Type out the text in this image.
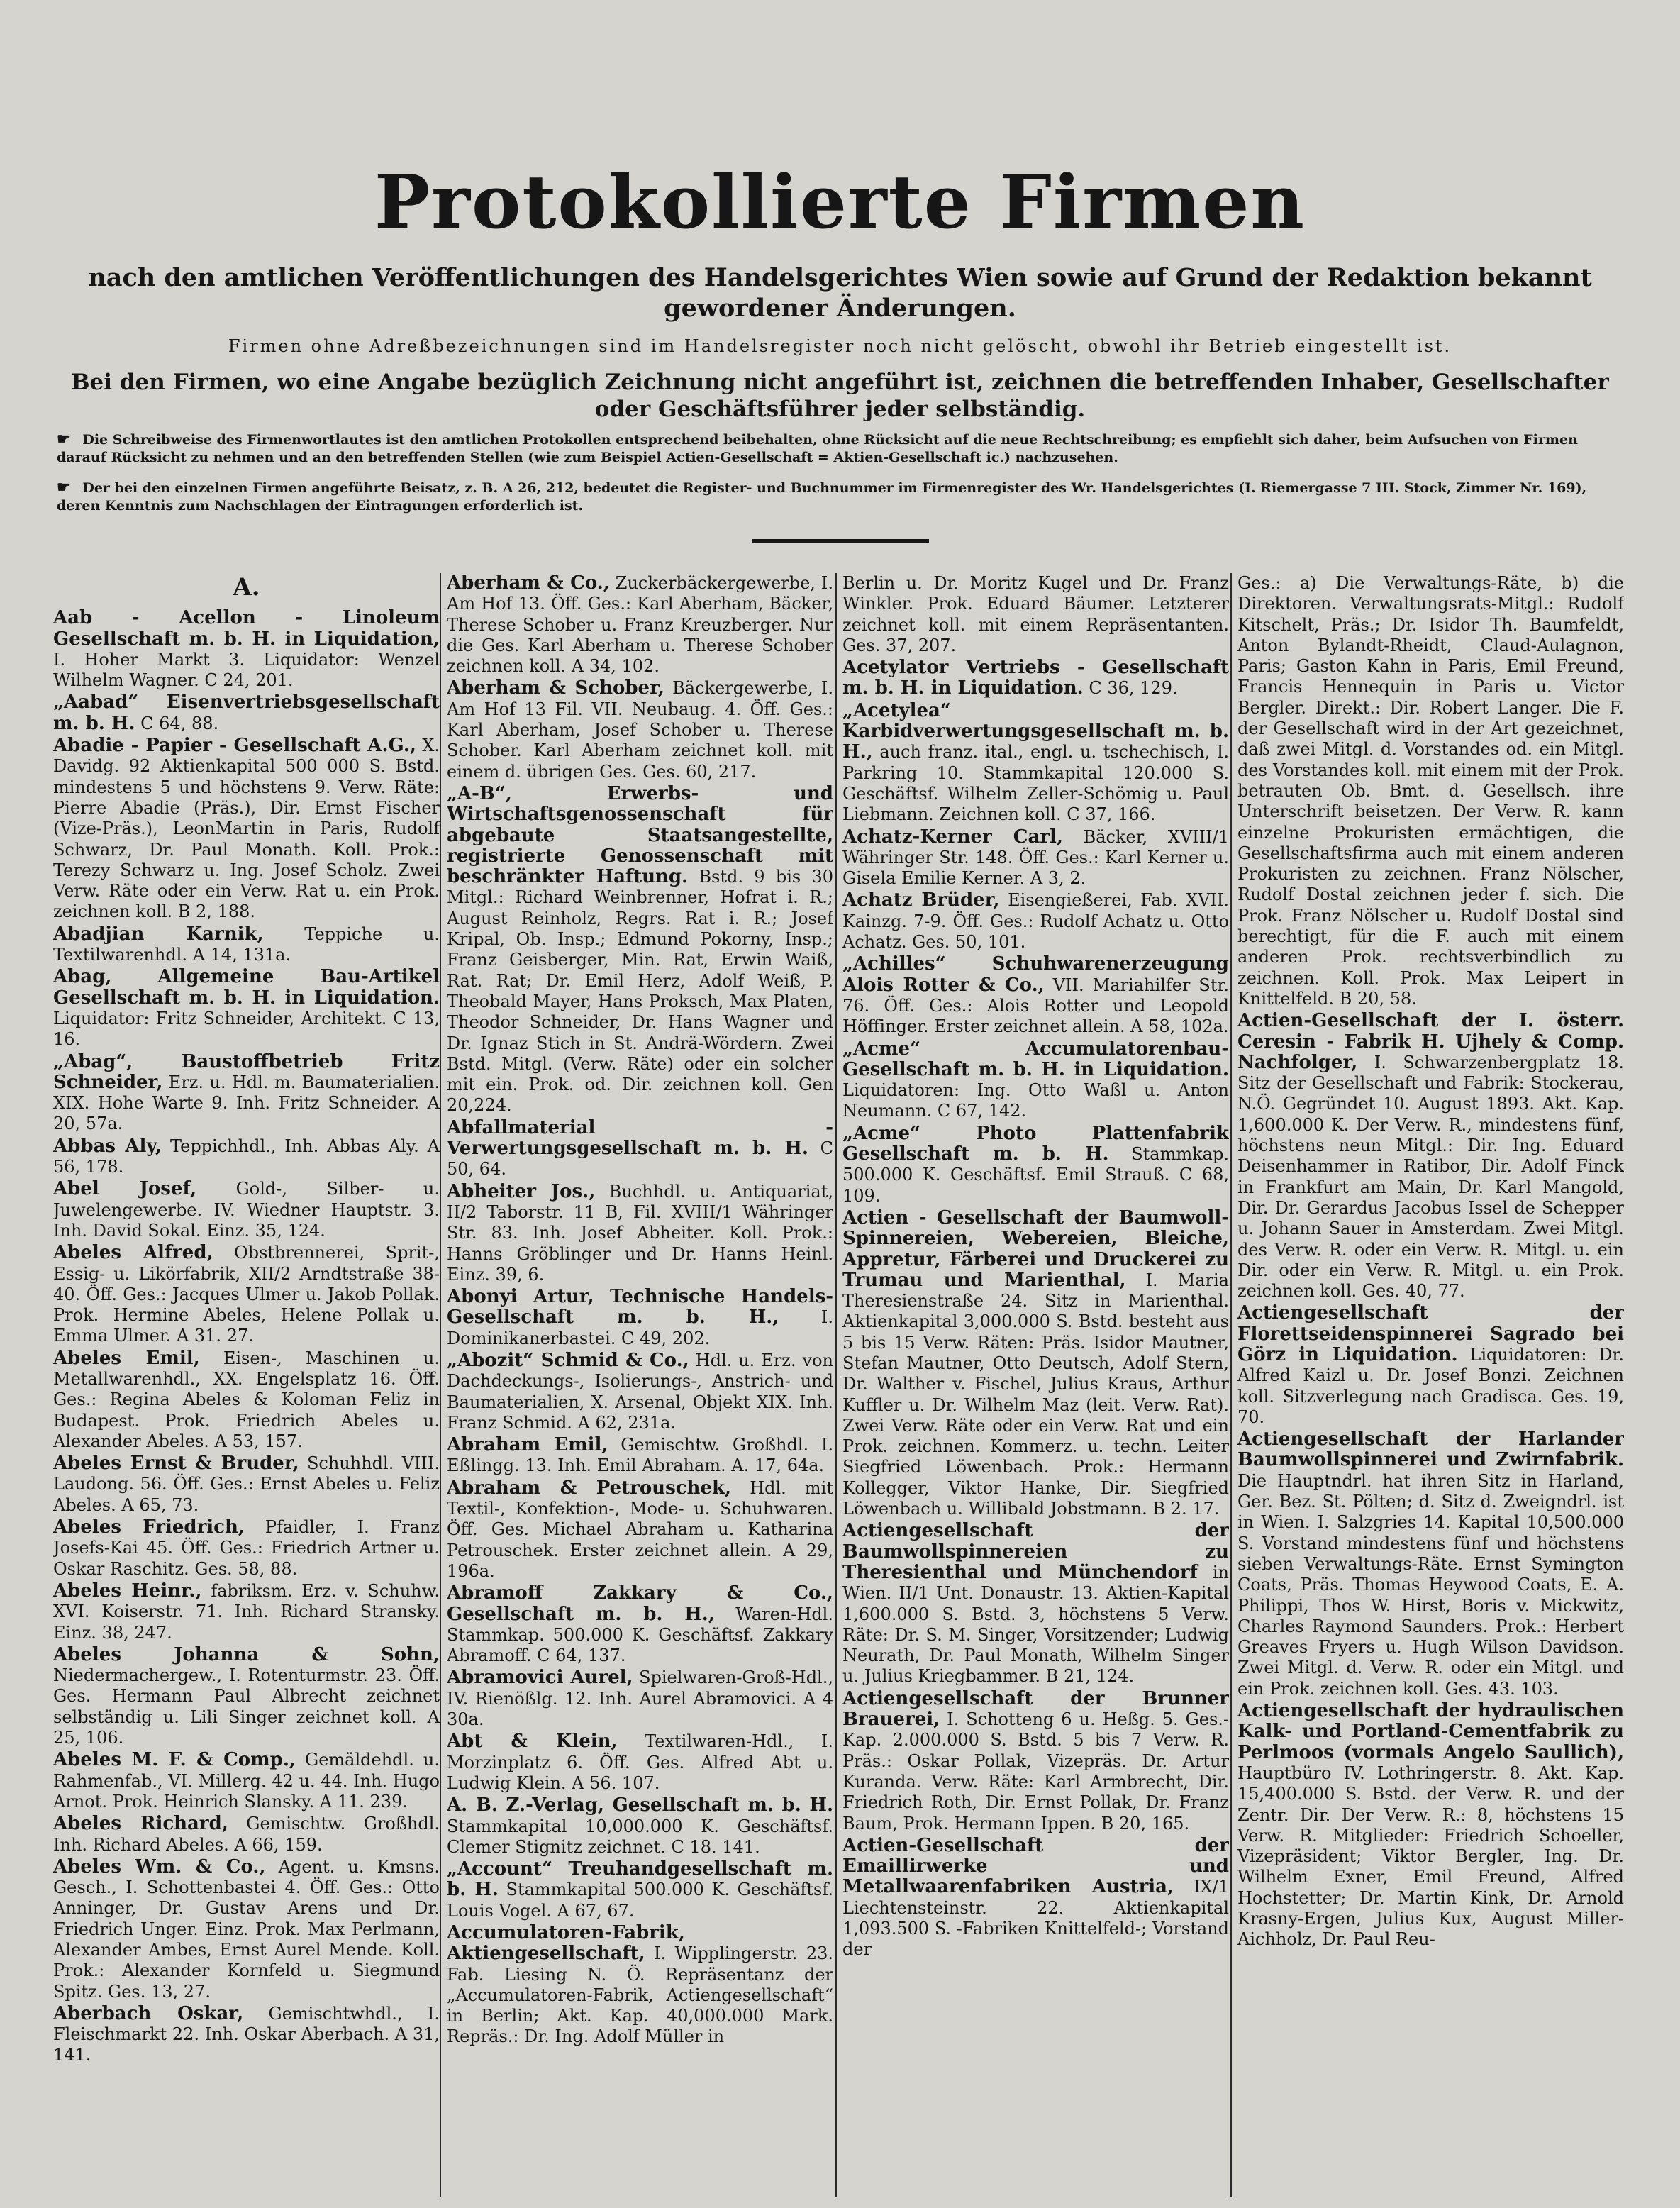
Protokollierte Firmen
nach den amtlichen Veröffentlichungen des Handelsgerichtes Wien sowie auf Grund der Redaktion bekannt gewordener Änderungen.
Firmen ohne Adreßbezeichnungen sind im Handelsregister noch nicht gelöscht, obwohl ihr Betrieb eingestellt ist.
Bei den Firmen, wo eine Angabe bezüglich Zeichnung nicht angeführt ist, zeichnen die betreffenden Inhaber, Gesellschafter oder Geschäftsführer jeder selbständig.
☛ Die Schreibweise des Firmenwortlautes ist den amtlichen Protokollen entsprechend beibehalten, ohne Rücksicht auf die neue Rechtschreibung; es empfiehlt sich daher, beim Aufsuchen von Firmen darauf Rücksicht zu nehmen und an den betreffenden Stellen (wie zum Beispiel Actien-Gesellschaft = Aktien-Gesellschaft ic.) nachzusehen.
☛ Der bei den einzelnen Firmen angeführte Beisatz, z. B. A 26, 212, bedeutet die Register- und Buchnummer im Firmenregister des Wr. Handelsgerichtes (I. Riemergasse 7 III. Stock, Zimmer Nr. 169), deren Kenntnis zum Nachschlagen der Eintragungen erforderlich ist.
A.

Aab - Acellon - Linoleum Gesellschaft m. b. H. in Liquidation, I. Hoher Markt 3. Liquidator: Wenzel Wilhelm Wagner. C 24, 201.

„Aabad“ Eisenvertriebsgesellschaft m. b. H. C 64, 88.

Abadie - Papier - Gesellschaft A.G., X. Davidg. 92 Aktienkapital 500 000 S. Bstd. mindestens 5 und höchstens 9. Verw. Räte: Pierre Abadie (Präs.), Dir. Ernst Fischer (Vize-Präs.), LeonMartin in Paris, Rudolf Schwarz, Dr. Paul Monath. Koll. Prok.: Terezy Schwarz u. Ing. Josef Scholz. Zwei Verw. Räte oder ein Verw. Rat u. ein Prok. zeichnen koll. B 2, 188.

Abadjian Karnik, Teppiche u. Textilwarenhdl. A 14, 131a.

Abag, Allgemeine Bau-Artikel Gesellschaft m. b. H. in Liquidation. Liquidator: Fritz Schneider, Architekt. C 13, 16.

„Abag“, Baustoffbetrieb Fritz Schneider, Erz. u. Hdl. m. Baumaterialien. XIX. Hohe Warte 9. Inh. Fritz Schneider. A 20, 57a.

Abbas Aly, Teppichhdl., Inh. Abbas Aly. A 56, 178.

Abel Josef, Gold-, Silber- u. Juwelengewerbe. IV. Wiedner Hauptstr. 3. Inh. David Sokal. Einz. 35, 124.

Abeles Alfred, Obstbrennerei, Sprit-, Essig- u. Likörfabrik, XII/2 Arndtstraße 38-40. Öff. Ges.: Jacques Ulmer u. Jakob Pollak. Prok. Hermine Abeles, Helene Pollak u. Emma Ulmer. A 31. 27.

Abeles Emil, Eisen-, Maschinen u. Metallwarenhdl., XX. Engelsplatz 16. Öff. Ges.: Regina Abeles & Koloman Feliz in Budapest. Prok. Friedrich Abeles u. Alexander Abeles. A 53, 157.

Abeles Ernst & Bruder, Schuhhdl. VIII. Laudong. 56. Öff. Ges.: Ernst Abeles u. Feliz Abeles. A 65, 73.

Abeles Friedrich, Pfaidler, I. Franz Josefs-Kai 45. Öff. Ges.: Friedrich Artner u. Oskar Raschitz. Ges. 58, 88.

Abeles Heinr., fabriksm. Erz. v. Schuhw. XVI. Koiserstr. 71. Inh. Richard Stransky. Einz. 38, 247.

Abeles Johanna & Sohn, Niedermachergew., I. Rotenturmstr. 23. Öff. Ges. Hermann Paul Albrecht zeichnet selbständig u. Lili Singer zeichnet koll. A 25, 106.

Abeles M. F. & Comp., Gemäldehdl. u. Rahmenfab., VI. Millerg. 42 u. 44. Inh. Hugo Arnot. Prok. Heinrich Slansky. A 11. 239.

Abeles Richard, Gemischtw. Großhdl. Inh. Richard Abeles. A 66, 159.

Abeles Wm. & Co., Agent. u. Kmsns. Gesch., I. Schottenbastei 4. Öff. Ges.: Otto Anninger, Dr. Gustav Arens und Dr. Friedrich Unger. Einz. Prok. Max Perlmann, Alexander Ambes, Ernst Aurel Mende. Koll. Prok.: Alexander Kornfeld u. Siegmund Spitz. Ges. 13, 27.

Aberbach Oskar, Gemischtwhdl., I. Fleischmarkt 22. Inh. Oskar Aberbach. A 31, 141.

Aberham & Co., Zuckerbäckergewerbe, I. Am Hof 13. Öff. Ges.: Karl Aberham, Bäcker, Therese Schober u. Franz Kreuzberger. Nur die Ges. Karl Aberham u. Therese Schober zeichnen koll. A 34, 102.

Aberham & Schober, Bäckergewerbe, I. Am Hof 13 Fil. VII. Neubaug. 4. Öff. Ges.: Karl Aberham, Josef Schober u. Therese Schober. Karl Aberham zeichnet koll. mit einem d. übrigen Ges. Ges. 60, 217.

„A-B“, Erwerbs- und Wirtschaftsgenossenschaft für abgebaute Staatsangestellte, registrierte Genossenschaft mit beschränkter Haftung. Bstd. 9 bis 30 Mitgl.: Richard Weinbrenner, Hofrat i. R.; August Reinholz, Regrs. Rat i. R.; Josef Kripal, Ob. Insp.; Edmund Pokorny, Insp.; Franz Geisberger, Min. Rat, Erwin Waiß, Rat. Rat; Dr. Emil Herz, Adolf Weiß, P. Theobald Mayer, Hans Proksch, Max Platen, Theodor Schneider, Dr. Hans Wagner und Dr. Ignaz Stich in St. Andrä-Wördern. Zwei Bstd. Mitgl. (Verw. Räte) oder ein solcher mit ein. Prok. od. Dir. zeichnen koll. Gen 20,224.

Abfallmaterial - Verwertungsgesellschaft m. b. H. C 50, 64.

Abheiter Jos., Buchhdl. u. Antiquariat, II/2 Taborstr. 11 B, Fil. XVIII/1 Währinger Str. 83. Inh. Josef Abheiter. Koll. Prok.: Hanns Gröblinger und Dr. Hanns Heinl. Einz. 39, 6.

Abonyi Artur, Technische Handels-Gesellschaft m. b. H., I. Dominikanerbastei. C 49, 202.

„Abozit“ Schmid & Co., Hdl. u. Erz. von Dachdeckungs-, Isolierungs-, Anstrich- und Baumaterialien, X. Arsenal, Objekt XIX. Inh. Franz Schmid. A 62, 231a.

Abraham Emil, Gemischtw. Großhdl. I. Eßlingg. 13. Inh. Emil Abraham. A. 17, 64a.

Abraham & Petrouschek, Hdl. mit Textil-, Konfektion-, Mode- u. Schuhwaren. Öff. Ges. Michael Abraham u. Katharina Petrouschek. Erster zeichnet allein. A 29, 196a.

Abramoff Zakkary & Co., Gesellschaft m. b. H., Waren-Hdl. Stammkap. 500.000 K. Geschäftsf. Zakkary Abramoff. C 64, 137.

Abramovici Aurel, Spielwaren-Groß-Hdl., IV. Rienößlg. 12. Inh. Aurel Abramovici. A 4 30a.

Abt & Klein, Textilwaren-Hdl., I. Morzinplatz 6. Öff. Ges. Alfred Abt u. Ludwig Klein. A 56. 107.

A. B. Z.-Verlag, Gesellschaft m. b. H. Stammkapital 10,000.000 K. Geschäftsf. Clemer Stignitz zeichnet. C 18. 141.

„Account“ Treuhandgesellschaft m. b. H. Stammkapital 500.000 K. Geschäftsf. Louis Vogel. A 67, 67.

Accumulatoren-Fabrik, Aktiengesellschaft, I. Wipplingerstr. 23. Fab. Liesing N. Ö. Repräsentanz der „Accumulatoren-Fabrik, Actiengesellschaft“ in Berlin; Akt. Kap. 40,000.000 Mark. Repräs.: Dr. Ing. Adolf Müller in

Berlin u. Dr. Moritz Kugel und Dr. Franz Winkler. Prok. Eduard Bäumer. Letzterer zeichnet koll. mit einem Repräsentanten. Ges. 37, 207.

Acetylator Vertriebs - Gesellschaft m. b. H. in Liquidation. C 36, 129.

„Acetylea“ Karbidverwertungsgesellschaft m. b. H., auch franz. ital., engl. u. tschechisch, I. Parkring 10. Stammkapital 120.000 S. Geschäftsf. Wilhelm Zeller-Schömig u. Paul Liebmann. Zeichnen koll. C 37, 166.

Achatz-Kerner Carl, Bäcker, XVIII/1 Währinger Str. 148. Öff. Ges.: Karl Kerner u. Gisela Emilie Kerner. A 3, 2.

Achatz Brüder, Eisengießerei, Fab. XVII. Kainzg. 7-9. Öff. Ges.: Rudolf Achatz u. Otto Achatz. Ges. 50, 101.

„Achilles“ Schuhwarenerzeugung Alois Rotter & Co., VII. Mariahilfer Str. 76. Öff. Ges.: Alois Rotter und Leopold Höffinger. Erster zeichnet allein. A 58, 102a.

„Acme“ Accumulatorenbau-Gesellschaft m. b. H. in Liquidation. Liquidatoren: Ing. Otto Waßl u. Anton Neumann. C 67, 142.

„Acme“ Photo Plattenfabrik Gesellschaft m. b. H. Stammkap. 500.000 K. Geschäftsf. Emil Strauß. C 68, 109.

Actien - Gesellschaft der Baumwoll-Spinnereien, Webereien, Bleiche, Appretur, Färberei und Druckerei zu Trumau und Marienthal, I. Maria Theresienstraße 24. Sitz in Marienthal. Aktienkapital 3,000.000 S. Bstd. besteht aus 5 bis 15 Verw. Räten: Präs. Isidor Mautner, Stefan Mautner, Otto Deutsch, Adolf Stern, Dr. Walther v. Fischel, Julius Kraus, Arthur Kuffler u. Dr. Wilhelm Maz (leit. Verw. Rat). Zwei Verw. Räte oder ein Verw. Rat und ein Prok. zeichnen. Kommerz. u. techn. Leiter Siegfried Löwenbach. Prok.: Hermann Kollegger, Viktor Hanke, Dir. Siegfried Löwenbach u. Willibald Jobstmann. B 2. 17.

Actiengesellschaft der Baumwollspinnereien zu Theresienthal und Münchendorf in Wien. II/1 Unt. Donaustr. 13. Aktien-Kapital 1,600.000 S. Bstd. 3, höchstens 5 Verw. Räte: Dr. S. M. Singer, Vorsitzender; Ludwig Neurath, Dr. Paul Monath, Wilhelm Singer u. Julius Kriegbammer. B 21, 124.

Actiengesellschaft der Brunner Brauerei, I. Schotteng 6 u. Heßg. 5. Ges.-Kap. 2.000.000 S. Bstd. 5 bis 7 Verw. R. Präs.: Oskar Pollak, Vizepräs. Dr. Artur Kuranda. Verw. Räte: Karl Armbrecht, Dir. Friedrich Roth, Dir. Ernst Pollak, Dr. Franz Baum, Prok. Hermann Ippen. B 20, 165.

Actien-Gesellschaft der Emaillirwerke und Metallwaarenfabriken Austria, IX/1 Liechtensteinstr. 22. Aktienkapital 1,093.500 S. -Fabriken Knittelfeld-; Vorstand der

Ges.: a) Die Verwaltungs-Räte, b) die Direktoren. Verwaltungsrats-Mitgl.: Rudolf Kitschelt, Präs.; Dr. Isidor Th. Baumfeldt, Anton Bylandt-Rheidt, Claud-Aulagnon, Paris; Gaston Kahn in Paris, Emil Freund, Francis Hennequin in Paris u. Victor Bergler. Direkt.: Dir. Robert Langer. Die F. der Gesellschaft wird in der Art gezeichnet, daß zwei Mitgl. d. Vorstandes od. ein Mitgl. des Vorstandes koll. mit einem mit der Prok. betrauten Ob. Bmt. d. Gesellsch. ihre Unterschrift beisetzen. Der Verw. R. kann einzelne Prokuristen ermächtigen, die Gesellschaftsfirma auch mit einem anderen Prokuristen zu zeichnen. Franz Nölscher, Rudolf Dostal zeichnen jeder f. sich. Die Prok. Franz Nölscher u. Rudolf Dostal sind berechtigt, für die F. auch mit einem anderen Prok. rechtsverbindlich zu zeichnen. Koll. Prok. Max Leipert in Knittelfeld. B 20, 58.

Actien-Gesellschaft der I. österr. Ceresin - Fabrik H. Ujhely & Comp. Nachfolger, I. Schwarzenbergplatz 18. Sitz der Gesellschaft und Fabrik: Stockerau, N.Ö. Gegründet 10. August 1893. Akt. Kap. 1,600.000 K. Der Verw. R., mindestens fünf, höchstens neun Mitgl.: Dir. Ing. Eduard Deisenhammer in Ratibor, Dir. Adolf Finck in Frankfurt am Main, Dr. Karl Mangold, Dir. Dr. Gerardus Jacobus Issel de Schepper u. Johann Sauer in Amsterdam. Zwei Mitgl. des Verw. R. oder ein Verw. R. Mitgl. u. ein Dir. oder ein Verw. R. Mitgl. u. ein Prok. zeichnen koll. Ges. 40, 77.

Actiengesellschaft der Florettseidenspinnerei Sagrado bei Görz in Liquidation. Liquidatoren: Dr. Alfred Kaizl u. Dr. Josef Bonzi. Zeichnen koll. Sitzverlegung nach Gradisca. Ges. 19, 70.

Actiengesellschaft der Harlander Baumwollspinnerei und Zwirnfabrik. Die Hauptndrl. hat ihren Sitz in Harland, Ger. Bez. St. Pölten; d. Sitz d. Zweigndrl. ist in Wien. I. Salzgries 14. Kapital 10,500.000 S. Vorstand mindestens fünf und höchstens sieben Verwaltungs-Räte. Ernst Symington Coats, Präs. Thomas Heywood Coats, E. A. Philippi, Thos W. Hirst, Boris v. Mickwitz, Charles Raymond Saunders. Prok.: Herbert Greaves Fryers u. Hugh Wilson Davidson. Zwei Mitgl. d. Verw. R. oder ein Mitgl. und ein Prok. zeichnen koll. Ges. 43. 103.

Actiengesellschaft der hydraulischen Kalk- und Portland-Cementfabrik zu Perlmoos (vormals Angelo Saullich), Hauptbüro IV. Lothringerstr. 8. Akt. Kap. 15,400.000 S. Bstd. der Verw. R. und der Zentr. Dir. Der Verw. R.: 8, höchstens 15 Verw. R. Mitglieder: Friedrich Schoeller, Vizepräsident; Viktor Bergler, Ing. Dr. Wilhelm Exner, Emil Freund, Alfred Hochstetter; Dr. Martin Kink, Dr. Arnold Krasny-Ergen, Julius Kux, August Miller-Aichholz, Dr. Paul Reu-
